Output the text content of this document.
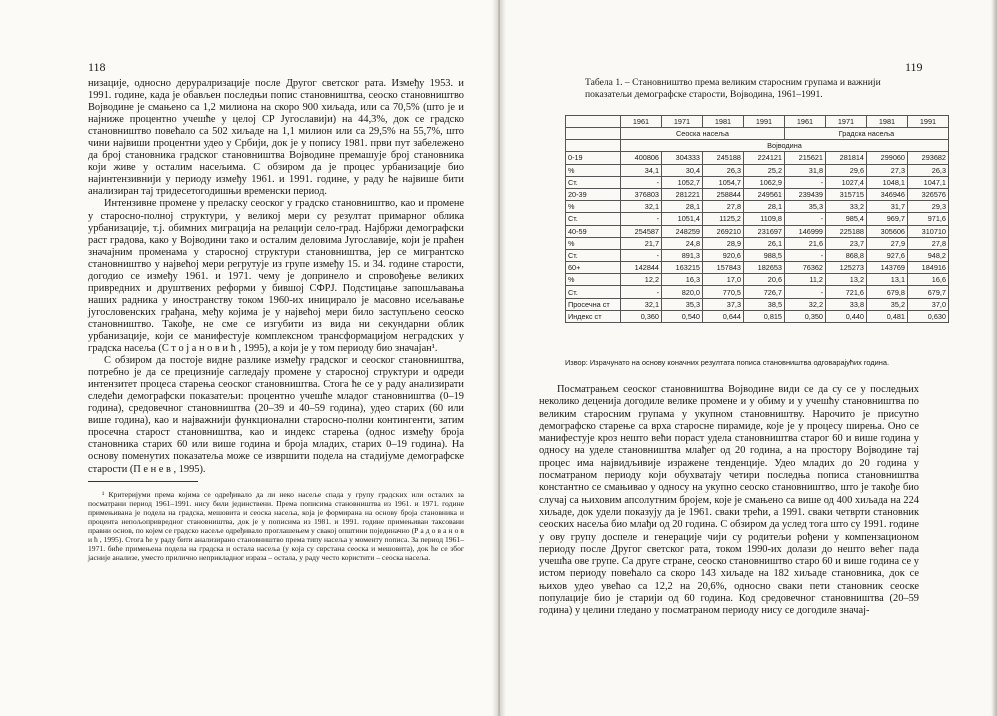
118

низације, односно деруралризације после Другог светског рата. Између 1953. и 1991. године, када је обављен последњи попис становништва, сеоско становништво Војводине је смањено са 1,2 милиона на скоро 900 хиљада, или са 70,5% (што је и најниже процентно учешће у целој СР Југославији) на 44,3%, док се градско становништво повећало са 502 хиљаде на 1,1 милион или са 29,5% на 55,7%, што чини највиши процентни удео у Србији, док је у попису 1981. први пут забележено да број становника градског становништва Војводине премашује број становника који живе у осталим насељима. С обзиром да је процес урбанизације био најинтензивнији у периоду између 1961. и 1991. године, у раду ће највише бити анализиран тај тридесетогодишњи временски период.

Интензивне промене у преласку сеоског у градско становништво, као и промене у старосно-полној структури, у великој мери су резултат примарног облика урбанизације, т.ј. обимних миграција на релацији село-град. Најбржи демографски раст градова, како у Војводини тако и осталим деловима Југославије, који је праћен значајним променама у старосној структури становништва, јер се мигрантско становништво у највећој мери регрутује из групе између 15. и 34. године старости, догодио се између 1961. и 1971. чему је допринело и спровођење великих привредних и друштвених реформи у бившој СФРЈ. Подстицање запошљавања наших радника у иностранству током 1960-их иницирало је масовно исељавање југословенских грађана, међу којима је у највећој мери било заступљено сеоско становништво. Такође, не смe се изгубити из вида ни секундарни облик урбанизације, који се манифестује комплексном трансформацијом неградских у градска насеља (С т о ј а н о в и ћ , 1995), а који је у том периоду био значајан¹.

С обзиром да постоје видне разлике између градског и сеоског становништва, потребно је да се прецизније сагледају промене у старосној структури и одреди интензитет процеса старења сеоског становништва. Стога ће се у раду анализирати следећи демографски показатељи: процентно учешће младог становништва (0–19 година), средовечног становништва (20–39 и 40–59 година), удео старих (60 или више година), као и најважнији функционални старосно-полни контингенти, затим просечна старост становништва, као и индекс старења (однос између броја становника старих 60 или више година и броја младих, старих 0–19 година). На основу поменутих показатеља може се извршити подела на стадијуме демографске старости (П е н е в , 1995).

¹ Критеријуми према којима се одређивало да ли неко насеље спада у групу градских или осталих за посматрани период 1961–1991. нису били јединствени. Према пописима становништва из 1961. и 1971. године примењивана је подела на градска, мешовита и сеоска насеља, која је формирана на основу броја становника и процента непољопривредног становништва, док је у пописима из 1981. и 1991. године примењиван таксовани правни основ, по којем се градско насеље одређивало проглашењем у свакој општини појединачно (Р а д о в а н о в и ћ , 1995). Стога ће у раду бити анализирано становништво према типу насеља у моменту пописа. За период 1961–1971. биће примењена подела на градска и остала насеља (у која су сврстана сеоска и мешовита), док ће се због јасније анализе, уместо прилично неприкладног израза – остала, у раду често користити – сеоска насеља.

119

Табела 1. – Становништво према великим старосним групама и важнији показатељи демографске старости, Војводина, 1961–1991.

	1961	1971	1981	1991	1961	1971	1981	1991
	Сеоска насеља				Градска насеља			
	Војводина							
0-19	400806	304333	245188	224121	215621	281814	299060	293682
%	34,1	30,4	26,3	25,2	31,8	29,6	27,3	26,3
Ст.	-	1052,7	1054,7	1062,9	-	1027,4	1048,1	1047,1
20-39	376803	281221	258844	249561	239439	315715	346946	326576
%	32,1	28,1	27,8	28,1	35,3	33,2	31,7	29,3
Ст.	-	1051,4	1125,2	1109,8	-	985,4	969,7	971,6
40-59	254587	248259	269210	231697	146999	225188	305606	310710
%	21,7	24,8	28,9	26,1	21,6	23,7	27,9	27,8
Ст.	-	891,3	920,6	988,5	-	868,8	927,6	948,2
60+	142844	163215	157843	182653	76362	125273	143769	184916
%	12,2	16,3	17,0	20,6	11,2	13,2	13,1	16,6
Ст.	-	820,0	770,5	726,7	-	721,6	679,8	679,7
Просечна ст	32,1	35,3	37,3	38,5	32,2	33,8	35,2	37,0
Индекс ст	0,360	0,540	0,644	0,815	0,350	0,440	0,481	0,630
Извор: Израчунато на основу коначних резултата пописа становништва одговарајућих година.

Посматрањем сеоског становништва Војводине види се да су се у последњих неколико деценија догодиле велике промене и у обиму и у учешћу становништва по великим старосним групама у укупном становништву. Нарочито је присутно демографско старење са врха старосне пирамиде, које је у процесу ширења. Оно се манифестује кроз нешто већи пораст удела становништва старог 60 и више година у односу на уделе становништва млађег од 20 година, а на простору Војводине тај процес има највидљивије изражене тенденције. Удео младих до 20 година у посматраном периоду који обухватају четири последња пописа становништва константно се смањивао у односу на укупно сеоско становништво, што је такође био случај са њиховим апсолутним бројем, које је смањено са више од 400 хиљада на 224 хиљаде, док удели показују да је 1961. сваки трећи, а 1991. сваки четврти становник сеоских насеља био млађи од 20 година. С обзиром да услед тога што су 1991. године у ову групу доспеле и генерације чији су родитељи рођени у компензационом периоду после Другог светског рата, током 1990-их долази до нешто већег пада учешћа ове групе. Са друге стране, сеоско становништво старо 60 и више година се у истом периоду повећало са скоро 143 хиљаде на 182 хиљаде становника, док се њихов удео увећао са 12,2 на 20,6%, односно сваки пети становник сеоске популације био је старији од 60 година. Код средовечног становништва (20–59 година) у целини гледано у посматраном периоду нису се догодиле значај-
